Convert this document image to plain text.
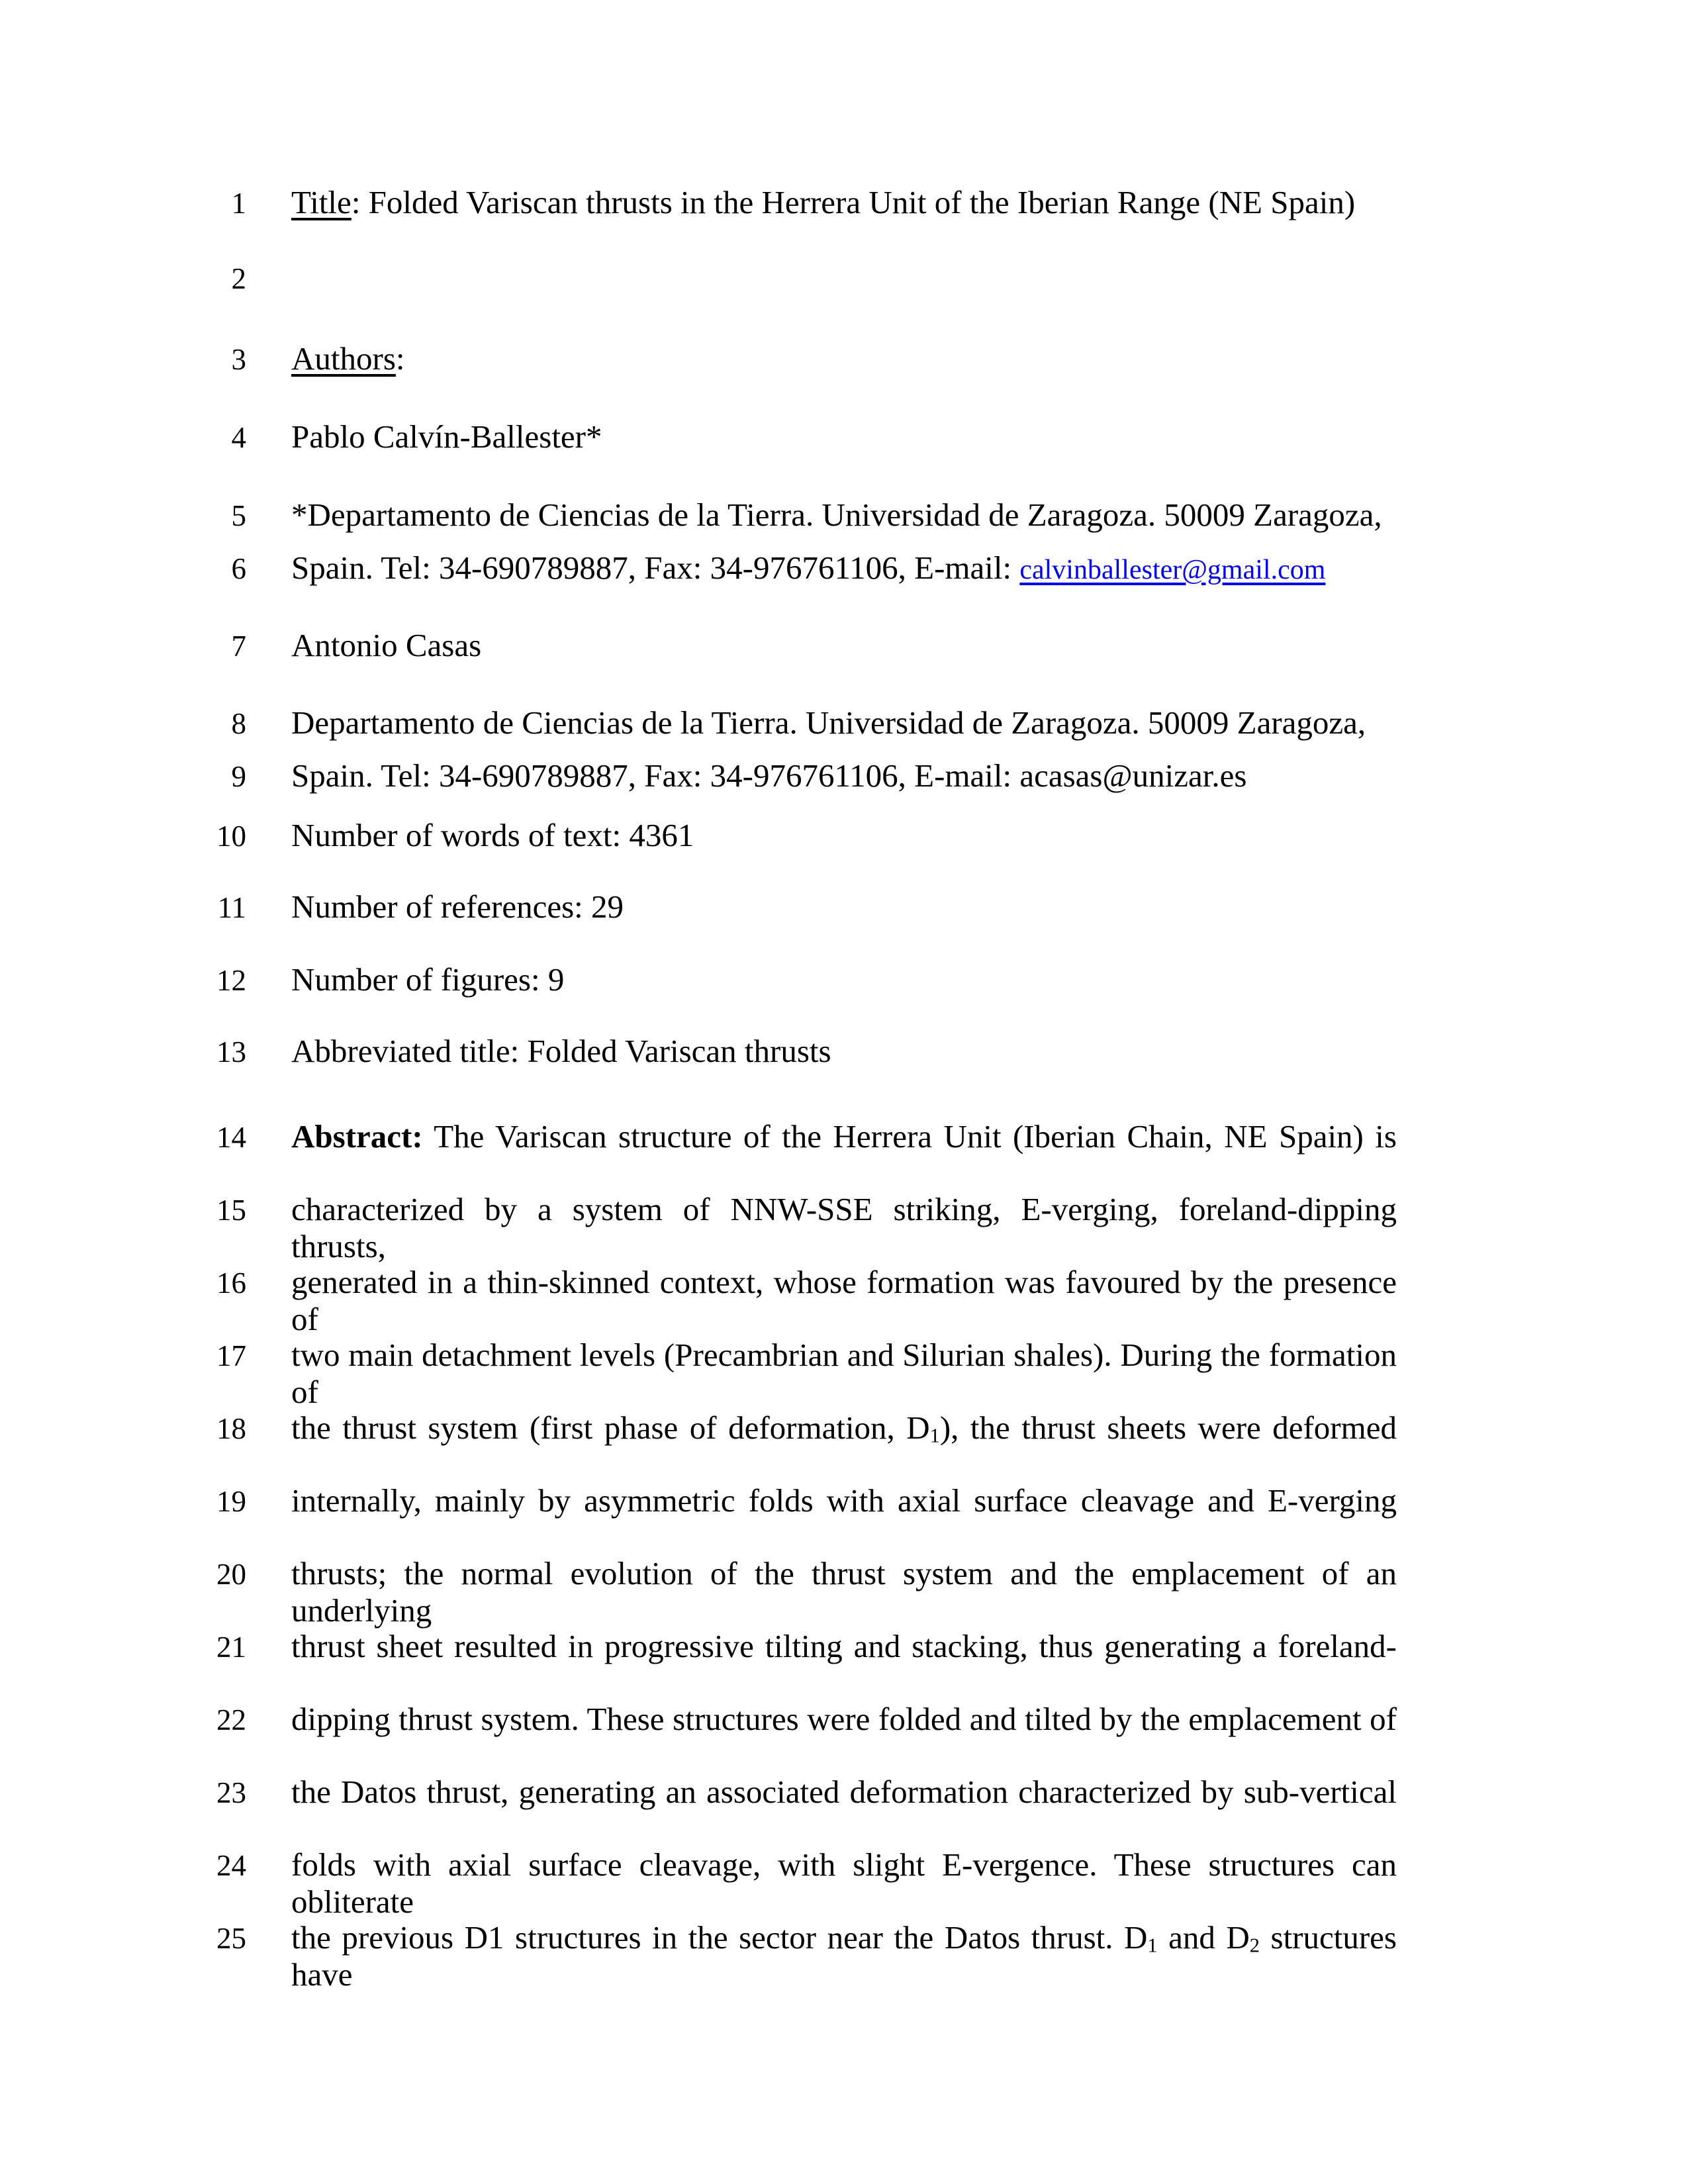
1 Title: Folded Variscan thrusts in the Herrera Unit of the Iberian Range (NE Spain)
2
3 Authors:
4 Pablo Calvín-Ballester*
5 *Departamento de Ciencias de la Tierra. Universidad de Zaragoza. 50009 Zaragoza,
6 Spain. Tel: 34-690789887, Fax: 34-976761106, E-mail: calvinballester@gmail.com
7 Antonio Casas
8 Departamento de Ciencias de la Tierra. Universidad de Zaragoza. 50009 Zaragoza,
9 Spain. Tel: 34-690789887, Fax: 34-976761106, E-mail: acasas@unizar.es
10 Number of words of text: 4361
11 Number of references: 29
12 Number of figures: 9
13 Abbreviated title: Folded Variscan thrusts
14 Abstract: The Variscan structure of the Herrera Unit (Iberian Chain, NE Spain) is
15 characterized by a system of NNW-SSE striking, E-verging, foreland-dipping thrusts,
16 generated in a thin-skinned context, whose formation was favoured by the presence of
17 two main detachment levels (Precambrian and Silurian shales). During the formation of
18 the thrust system (first phase of deformation, D1), the thrust sheets were deformed
19 internally, mainly by asymmetric folds with axial surface cleavage and E-verging
20 thrusts; the normal evolution of the thrust system and the emplacement of an underlying
21 thrust sheet resulted in progressive tilting and stacking, thus generating a foreland-
22 dipping thrust system. These structures were folded and tilted by the emplacement of
23 the Datos thrust, generating an associated deformation characterized by sub-vertical
24 folds with axial surface cleavage, with slight E-vergence. These structures can obliterate
25 the previous D1 structures in the sector near the Datos thrust. D1 and D2 structures have
